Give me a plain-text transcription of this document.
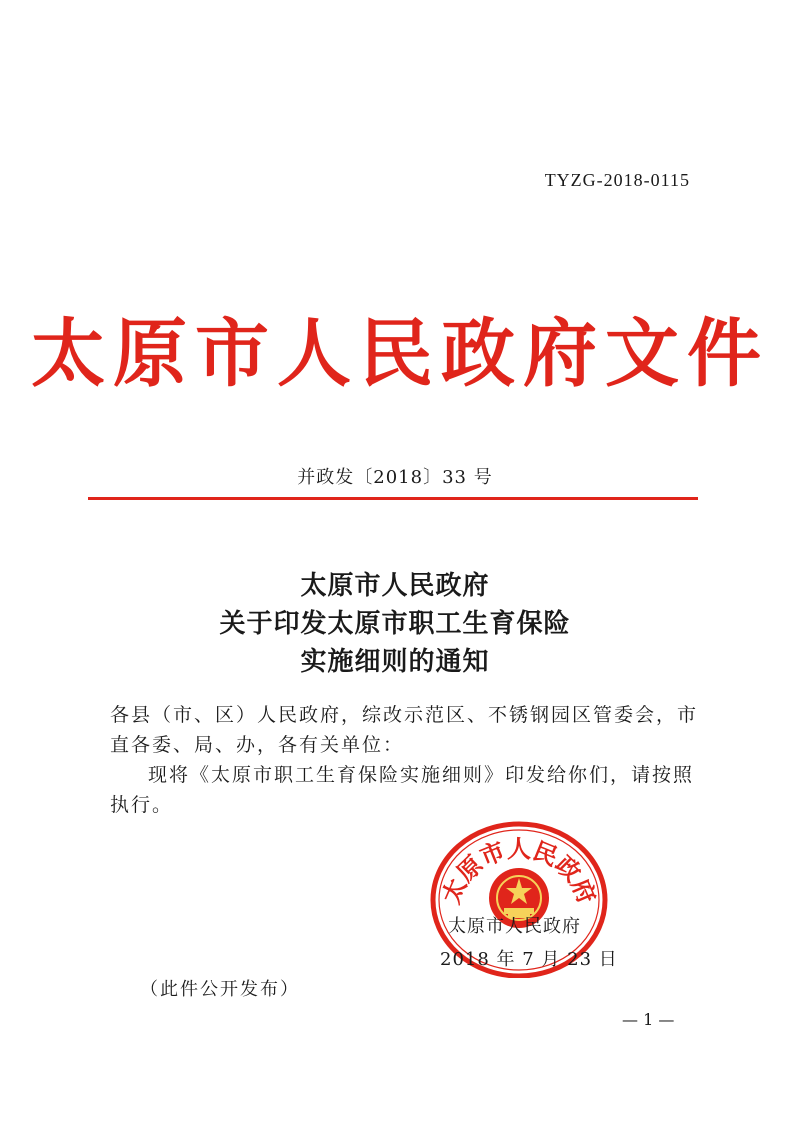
TYZG-2018-0115
太原市人民政府文件
并政发〔2018〕33 号
太原市人民政府
关于印发太原市职工生育保险
实施细则的通知
各县（市、区）人民政府，综改示范区、不锈钢园区管委会，市直各委、局、办，各有关单位：
现将《太原市职工生育保险实施细则》印发给你们，请按照执行。
太原市人民政府
太原市人民政府
2018 年 7 月 23 日
（此件公开发布）
— 1 —
